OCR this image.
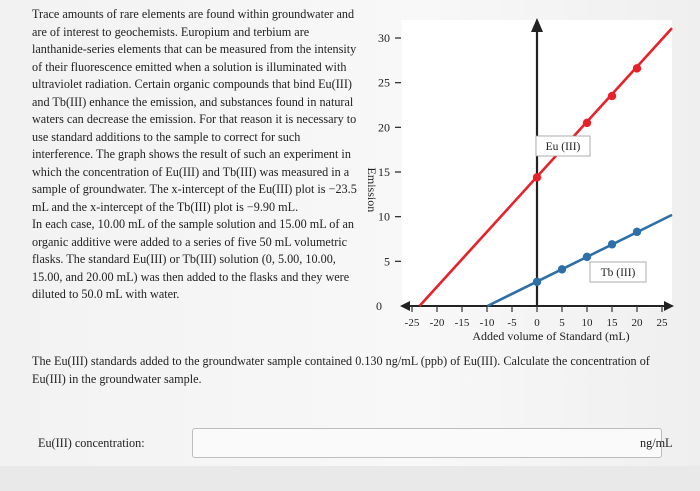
Trace amounts of rare elements are found within groundwater and are of interest to geochemists. Europium and terbium are lanthanide-series elements that can be measured from the intensity of their fluorescence emitted when a solution is illuminated with ultraviolet radiation. Certain organic compounds that bind Eu(III) and Tb(III) enhance the emission, and substances found in natural waters can decrease the emission. For that reason it is necessary to use standard additions to the sample to correct for such interference. The graph shows the result of such an experiment in which the concentration of Eu(III) and Tb(III) was measured in a sample of groundwater. The x-intercept of the Eu(III) plot is −23.5 mL and the x-intercept of the Tb(III) plot is −9.90 mL.

In each case, 10.00 mL of the sample solution and 15.00 mL of an organic additive were added to a series of five 50 mL volumetric flasks. The standard Eu(III) or Tb(III) solution (0, 5.00, 10.00, 15.00, and 20.00 mL) was then added to the flasks and they were diluted to 50.0 mL with water.

0
5
10
15
20
25
30
-25 -20 -15 -10 -5 0 5 10 15 20 25
Added volume of Standard (mL)
Emission
Eu (III)
Tb (III)

The Eu(III) standards added to the groundwater sample contained 0.130 ng/mL (ppb) of Eu(III). Calculate the concentration of Eu(III) in the groundwater sample.

Eu(III) concentration:	ng/mL
